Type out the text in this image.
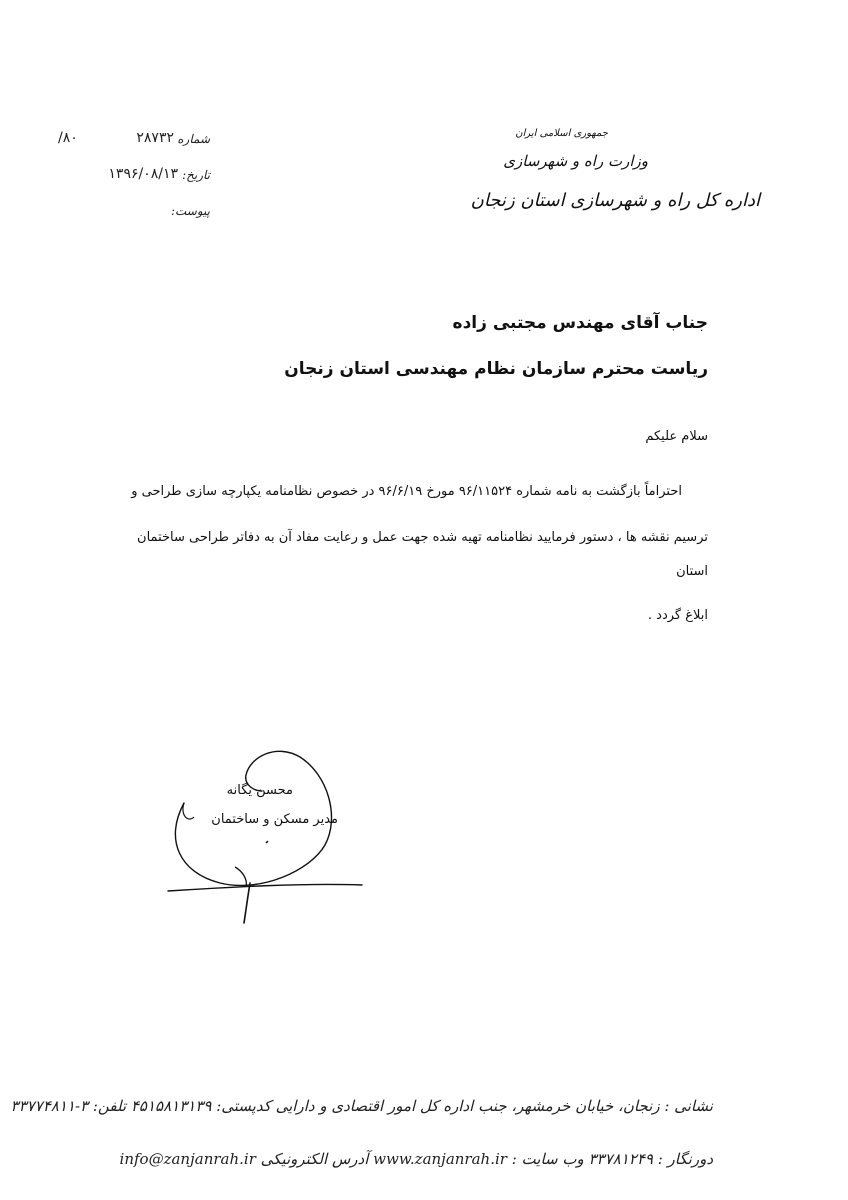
جمهوری اسلامی ایران
وزارت راه و شهرسازی
اداره کل راه و شهرسازی استان زنجان
شماره
۲۸۷۳۲
/۸۰
تاریخ:
۱۳۹۶/۰۸/۱۳
پیوست:
جناب آقای مهندس مجتبی زاده
ریاست محترم سازمان نظام مهندسی استان زنجان
سلام علیکم
احتراماً بازگشت به نامه شماره ۹۶/۱۱۵۲۴ مورخ ۹۶/۶/۱۹ در خصوص نظامنامه یکپارچه سازی طراحی و
ترسیم نقشه ها ، دستور فرمایید نظامنامه تهیه شده جهت عمل و رعایت مفاد آن به دفاتر طراحی ساختمان استان
ابلاغ گردد .
محسن یگانه
مدیر مسکن و ساختمان
نشانی : زنجان، خیابان خرمشهر، جنب اداره کل امور اقتصادی و دارایی کدپستی: ۴۵۱۵۸۱۳۱۳۹ تلفن: ۳-۳۳۷۷۴۸۱۱
دورنگار : ۳۳۷۸۱۲۴۹ وب سایت : www.zanjanrah.ir آدرس الکترونیکی info@zanjanrah.ir
